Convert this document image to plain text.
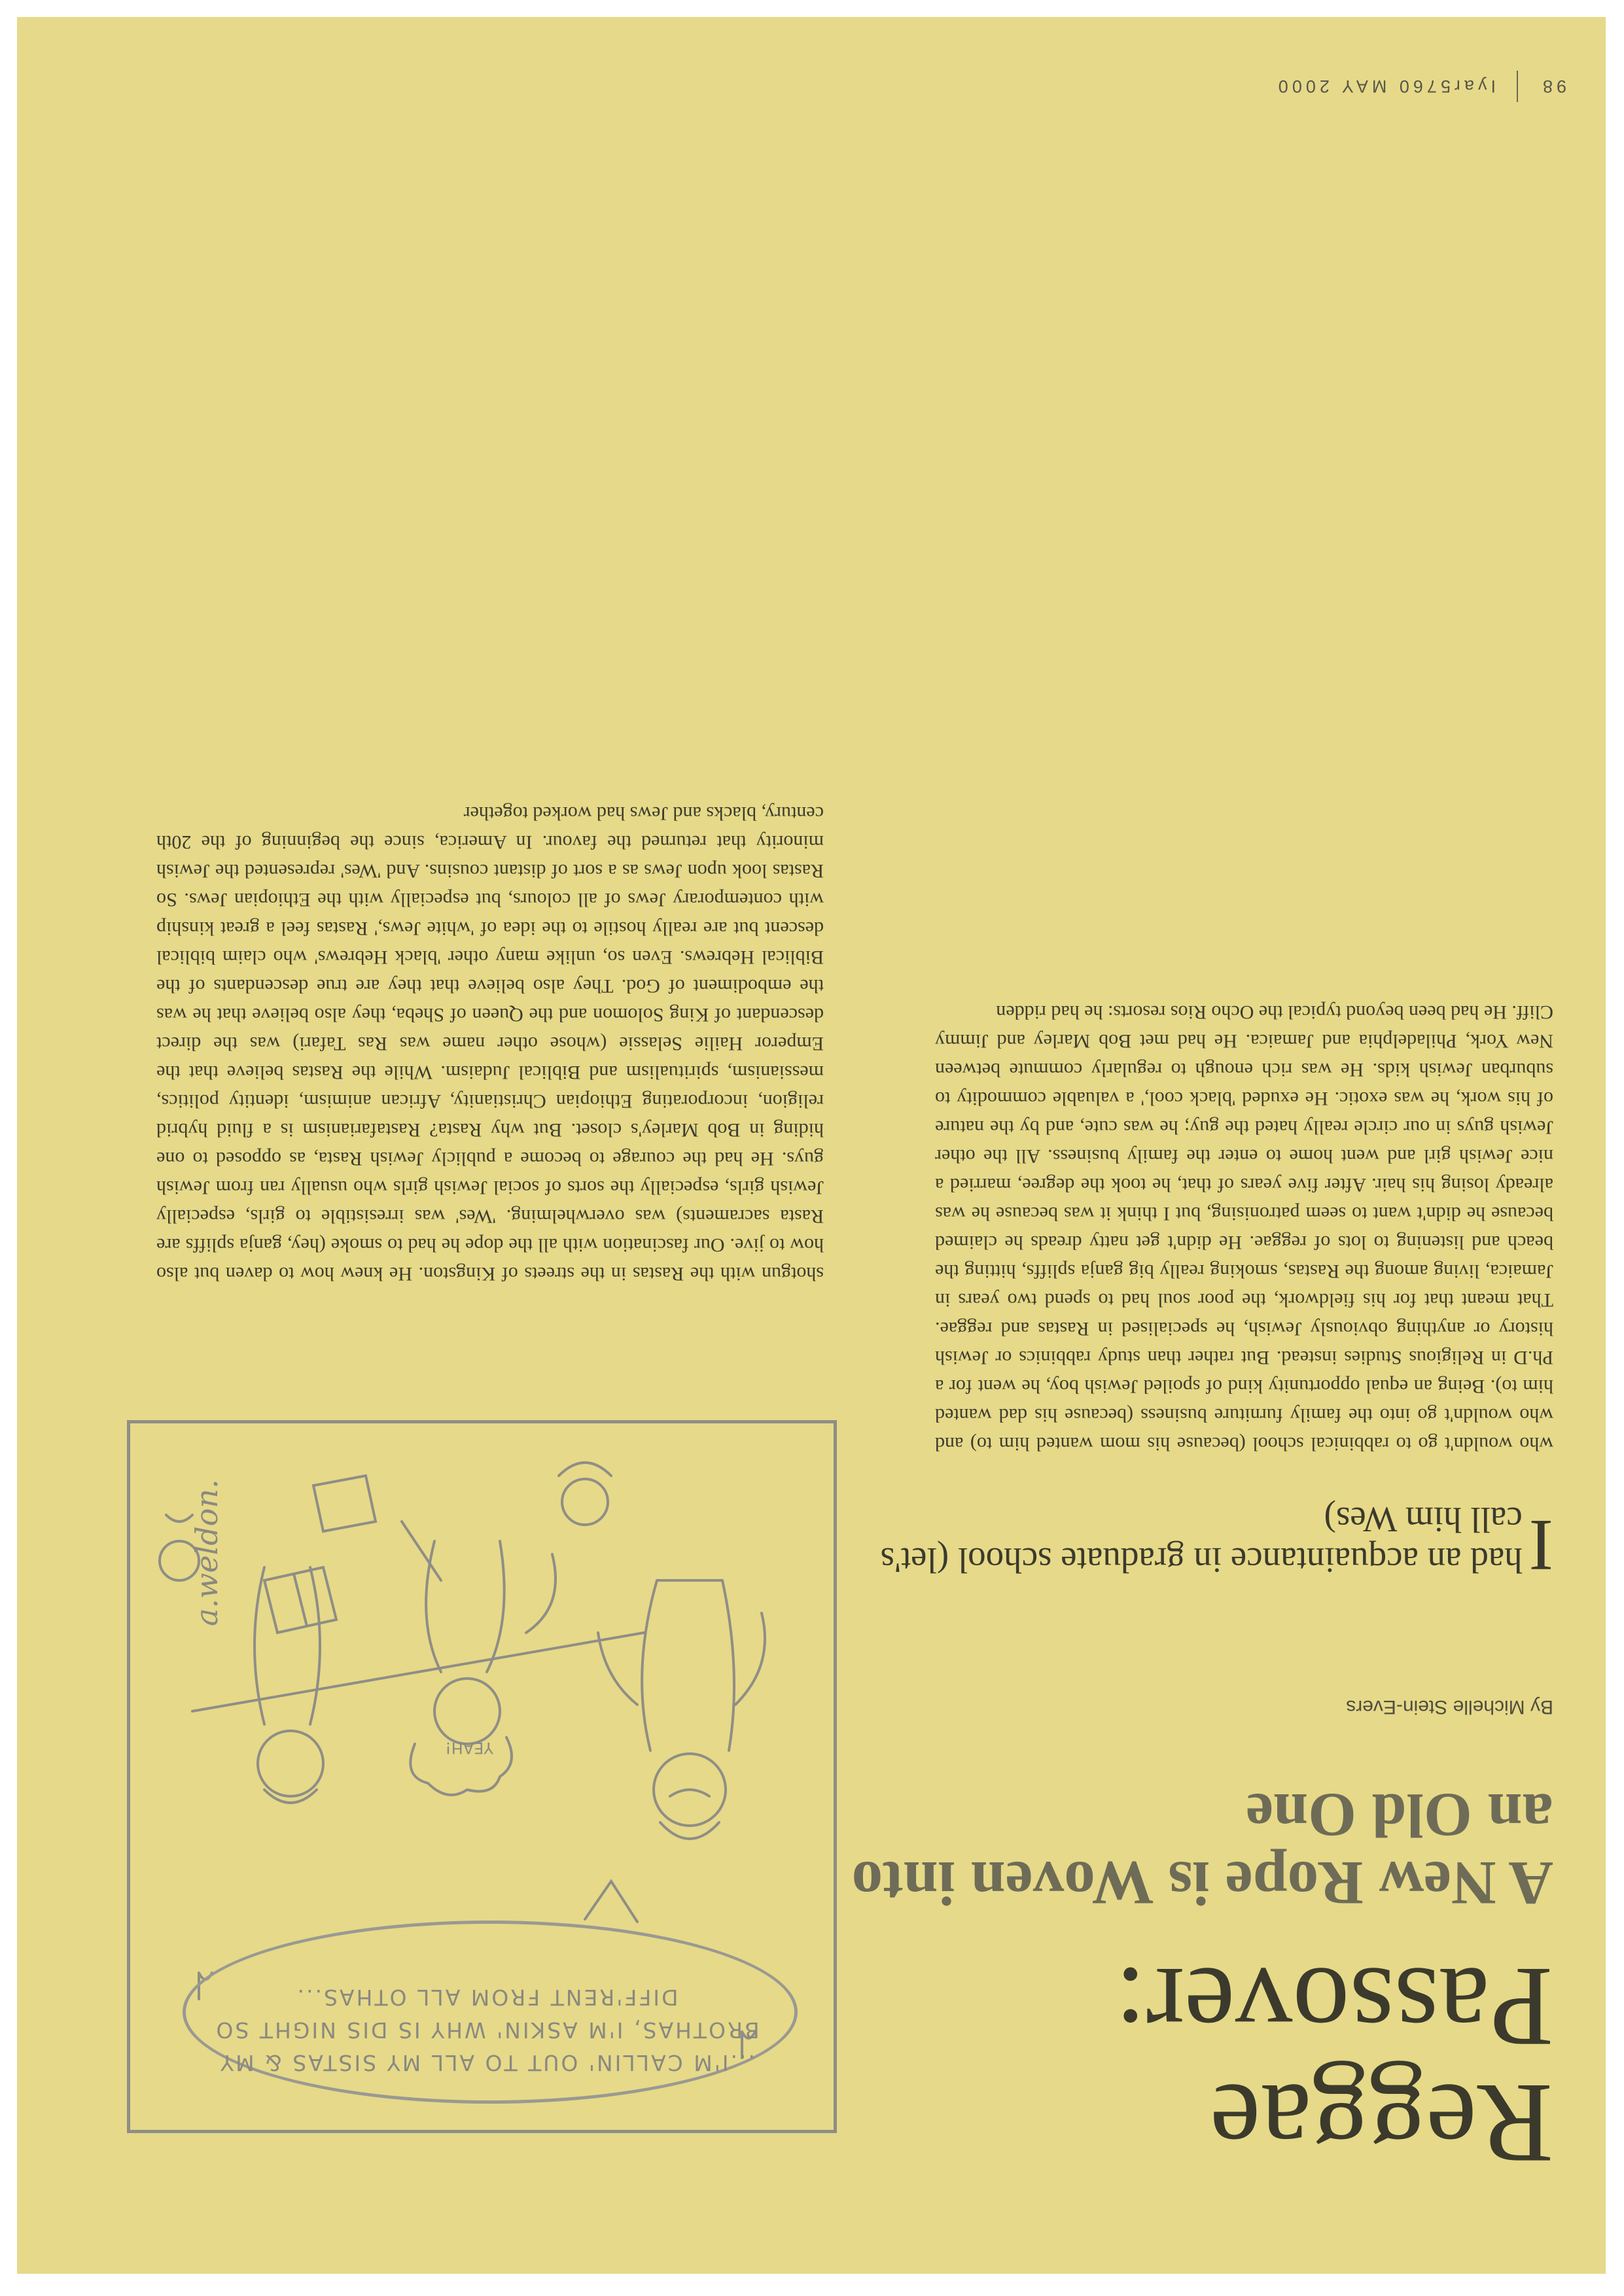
98
Iyar5760 MAY 2000
Reggae Passover:
A New Rope is Woven into an Old One
By Michelle Stein-Evers
I
had an acquaintance in graduate school (let's call him Wes)

who wouldn't go to rabbinical school (because his mom wanted him to) and who wouldn't go into the family furniture business (because his dad wanted him to). Being an equal opportunity kind of spoiled Jewish boy, he went for a Ph.D in Religious Studies instead. But rather than study rabbinics or Jewish history or anything obviously Jewish, he specialised in Rastas and reggae. That meant that for his fieldwork, the poor soul had to spend two years in Jamaica, living among the Rastas, smoking really big ganja spliffs, hitting the beach and listening to lots of reggae. He didn't get natty dreads he claimed because he didn't want to seem patronising, but I think it was because he was already losing his hair. After five years of that, he took the degree, married a nice Jewish girl and went home to enter the family business. All the other Jewish guys in our circle really hated the guy; he was cute, and by the nature of his work, he was exotic. He exuded 'black cool,' a valuable commodity to suburban Jewish kids. He was rich enough to regularly commute between New York, Philadelphia and Jamaica. He had met Bob Marley and Jimmy Cliff. He had been beyond typical the Ocho Rios resorts: he had ridden

shotgun with the Rastas in the streets of Kingston. He knew how to daven but also how to jive. Our fascination with all the dope he had to smoke (hey, ganja spliffs are Rasta sacraments) was overwhelming. 'Wes' was irresistible to girls, especially Jewish girls, especially the sorts of social Jewish girls who usually ran from Jewish guys. He had the courage to become a publicly Jewish Rasta, as opposed to one hiding in Bob Marley's closet. But why Rasta? Rastafarianism is a fluid hybrid religion, incorporating Ethiopian Christianity, African animism, identity politics, messianism, spiritualism and Biblical Judaism. While the Rastas believe that the Emperor Hailie Selassie (whose other name was Ras Tafari) was the direct descendant of King Solomon and the Queen of Sheba, they also believe that he was the embodiment of God. They also believe that they are true descendants of the Biblical Hebrews. Even so, unlike many other 'black Hebrews' who claim biblical descent but are really hostile to the idea of 'white Jews,' Rastas feel a great kinship with contemporary Jews of all colours, but especially with the Ethiopian Jews. So Rastas look upon Jews as a sort of distant cousins. And 'Wes' represented the Jewish minority that returned the favour. In America, since the beginning of the 20th century, blacks and Jews had worked together

...I'M CALLIN' OUT TO ALL MY SISTAS & MY BROTHAS, I'M ASKIN' WHY IS DIS NIGHT SO DIFF'RENT FROM ALL OTHAS...
YEAH!
a.weldon.
